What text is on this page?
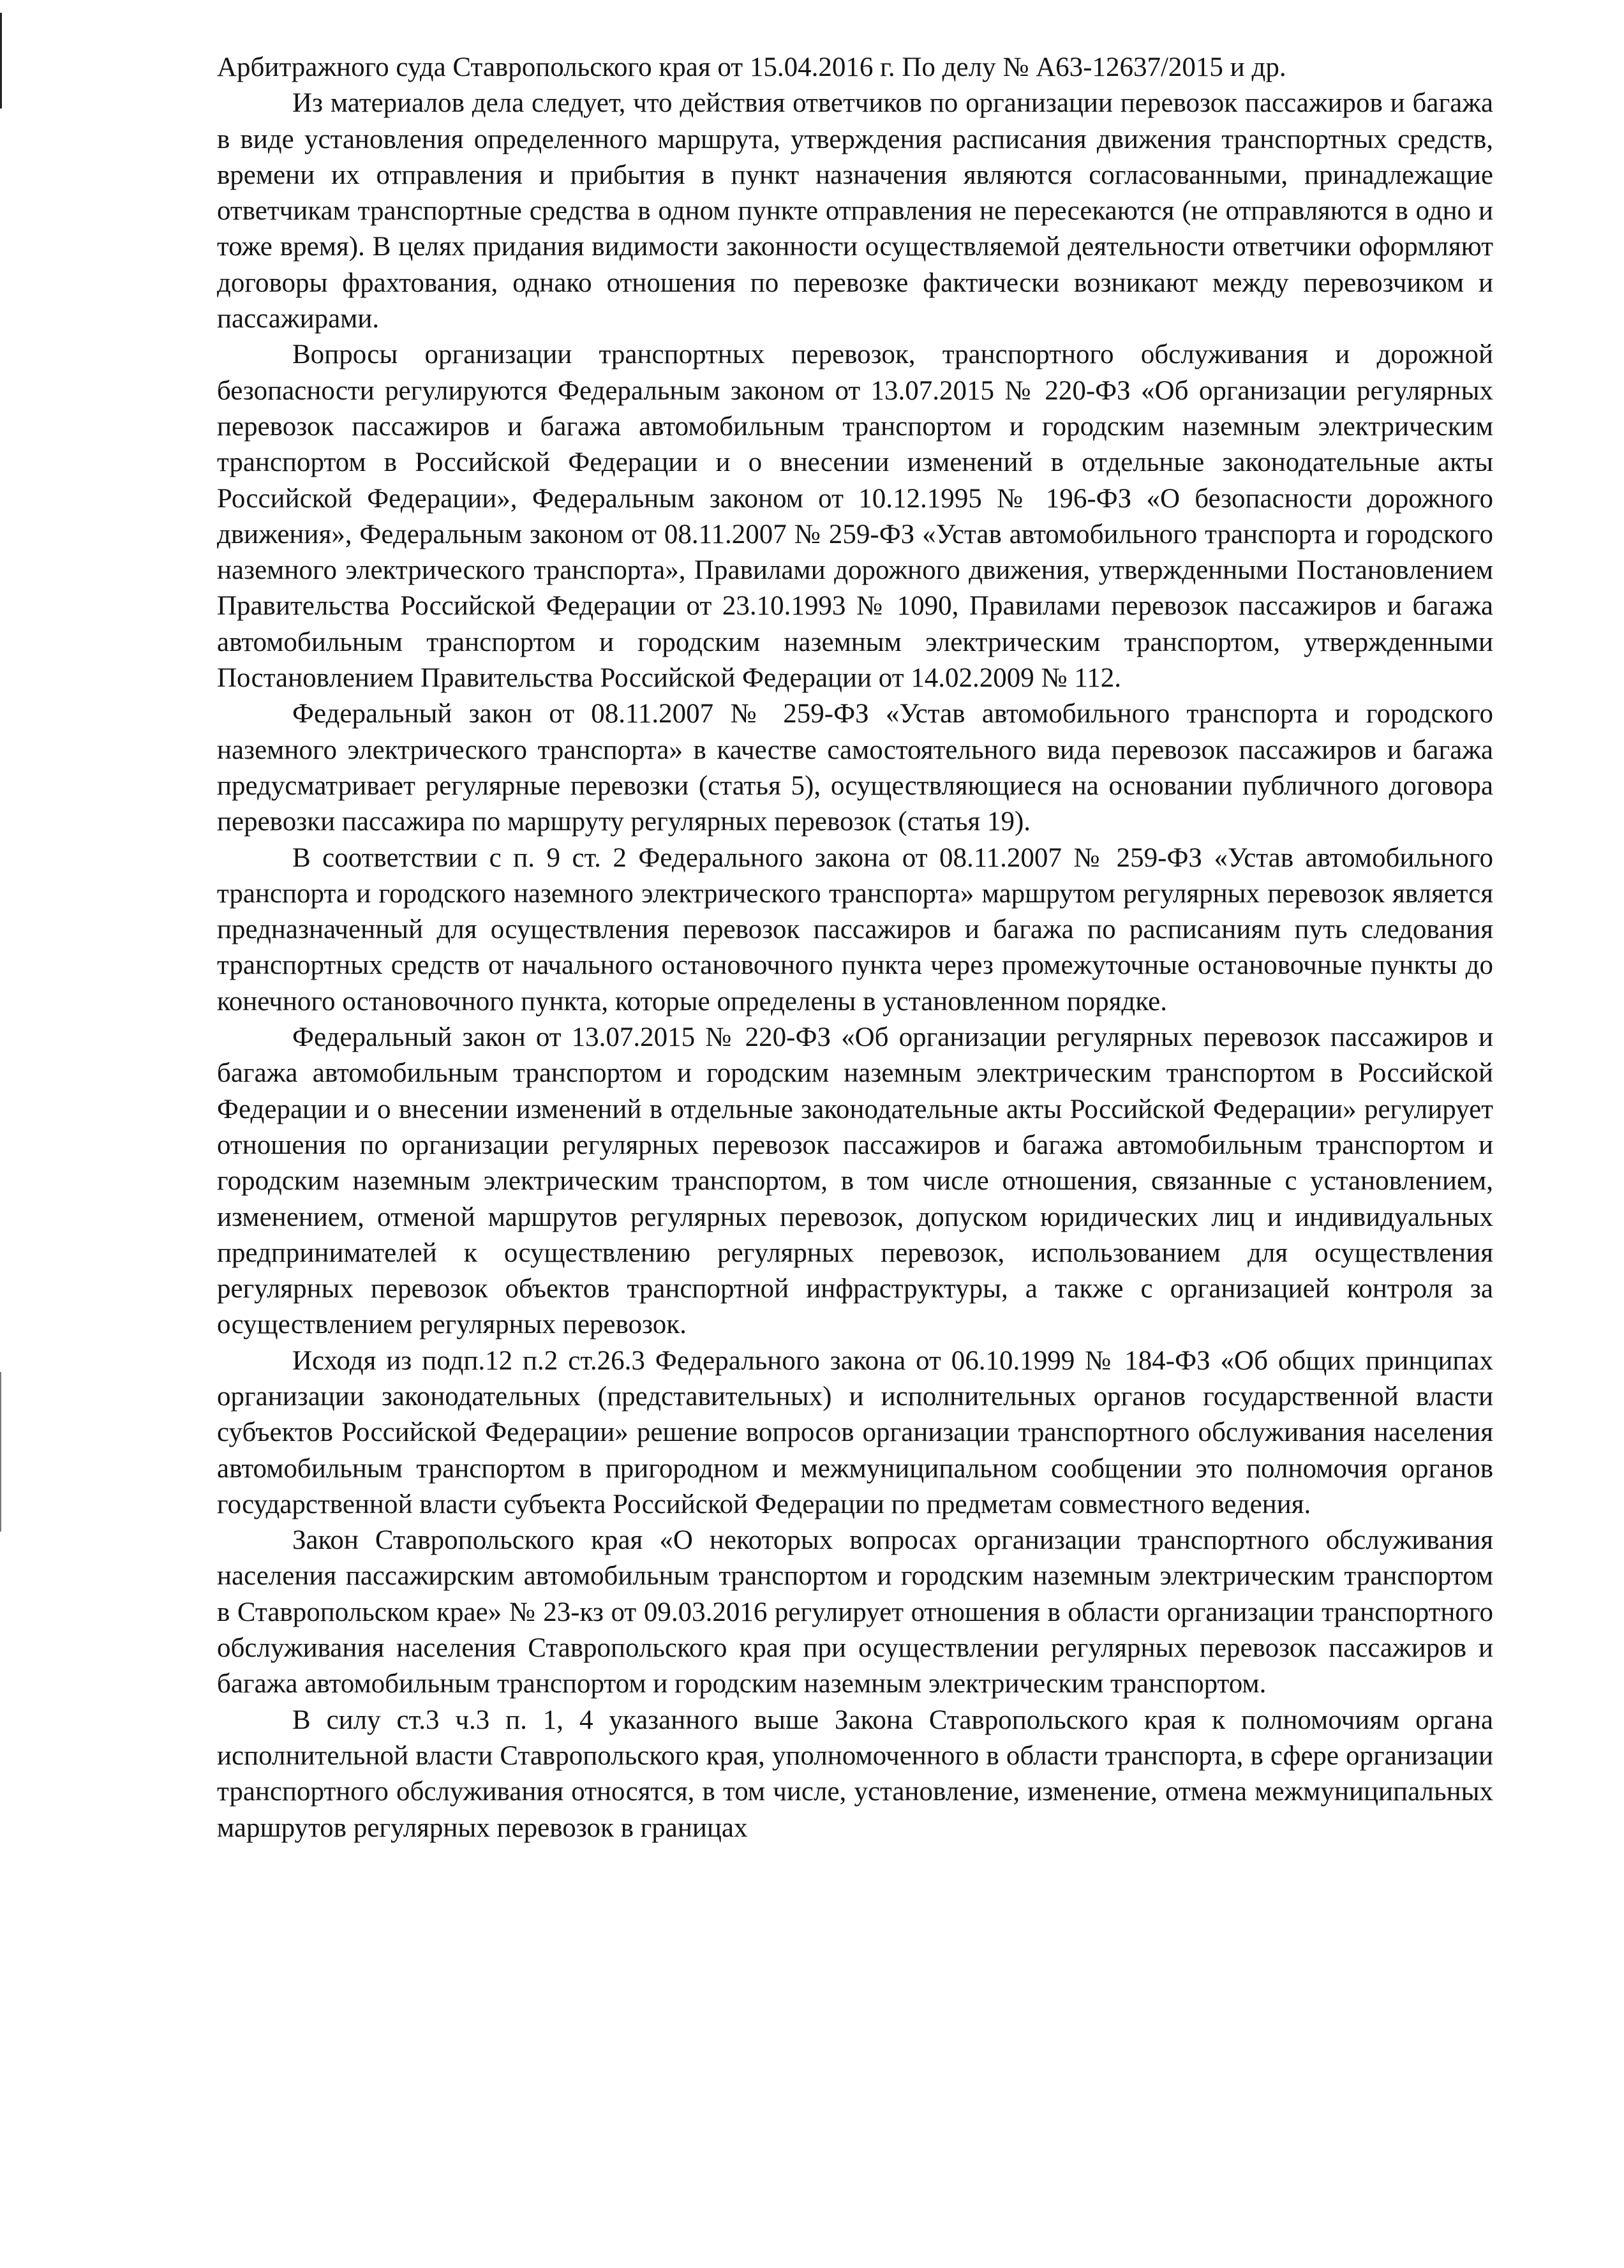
Арбитражного суда Ставропольского края от 15.04.2016 г. По делу № А63-12637/2015 и др.

Из материалов дела следует, что действия ответчиков по организации перевозок пассажиров и багажа в виде установления определенного маршрута, утверждения расписания движения транспортных средств, времени их отправления и прибытия в пункт назначения являются согласованными, принадлежащие ответчикам транспортные средства в одном пункте отправления не пересекаются (не отправляются в одно и тоже время). В целях придания видимости законности осуществляемой деятельности ответчики оформляют договоры фрахтования, однако отношения по перевозке фактически возникают между перевозчиком и пассажирами.

Вопросы организации транспортных перевозок, транспортного обслуживания и дорожной безопасности регулируются Федеральным законом от 13.07.2015 № 220-ФЗ «Об организации регулярных перевозок пассажиров и багажа автомобильным транспортом и городским наземным электрическим транспортом в Российской Федерации и о внесении изменений в отдельные законодательные акты Российской Федерации», Федеральным законом от 10.12.1995 № 196-ФЗ «О безопасности дорожного движения», Федеральным законом от 08.11.2007 № 259-ФЗ «Устав автомобильного транспорта и городского наземного электрического транспорта», Правилами дорожного движения, утвержденными Постановлением Правительства Российской Федерации от 23.10.1993 № 1090, Правилами перевозок пассажиров и багажа автомобильным транспортом и городским наземным электрическим транспортом, утвержденными Постановлением Правительства Российской Федерации от 14.02.2009 № 112.

Федеральный закон от 08.11.2007 № 259-ФЗ «Устав автомобильного транспорта и городского наземного электрического транспорта» в качестве самостоятельного вида перевозок пассажиров и багажа предусматривает регулярные перевозки (статья 5), осуществляющиеся на основании публичного договора перевозки пассажира по маршруту регулярных перевозок (статья 19).

В соответствии с п. 9 ст. 2 Федерального закона от 08.11.2007 № 259-ФЗ «Устав автомобильного транспорта и городского наземного электрического транспорта» маршрутом регулярных перевозок является предназначенный для осуществления перевозок пассажиров и багажа по расписаниям путь следования транспортных средств от начального остановочного пункта через промежуточные остановочные пункты до конечного остановочного пункта, которые определены в установленном порядке.

Федеральный закон от 13.07.2015 № 220-ФЗ «Об организации регулярных перевозок пассажиров и багажа автомобильным транспортом и городским наземным электрическим транспортом в Российской Федерации и о внесении изменений в отдельные законодательные акты Российской Федерации» регулирует отношения по организации регулярных перевозок пассажиров и багажа автомобильным транспортом и городским наземным электрическим транспортом, в том числе отношения, связанные с установлением, изменением, отменой маршрутов регулярных перевозок, допуском юридических лиц и индивидуальных предпринимателей к осуществлению регулярных перевозок, использованием для осуществления регулярных перевозок объектов транспортной инфраструктуры, а также с организацией контроля за осуществлением регулярных перевозок.

Исходя из подп.12 п.2 ст.26.3 Федерального закона от 06.10.1999 № 184-ФЗ «Об общих принципах организации законодательных (представительных) и исполнительных органов государственной власти субъектов Российской Федерации» решение вопросов организации транспортного обслуживания населения автомобильным транспортом в пригородном и межмуниципальном сообщении это полномочия органов государственной власти субъекта Российской Федерации по предметам совместного ведения.

Закон Ставропольского края «О некоторых вопросах организации транспортного обслуживания населения пассажирским автомобильным транспортом и городским наземным электрическим транспортом в Ставропольском крае» № 23-кз от 09.03.2016 регулирует отношения в области организации транспортного обслуживания населения Ставропольского края при осуществлении регулярных перевозок пассажиров и багажа автомобильным транспортом и городским наземным электрическим транспортом.

В силу ст.3 ч.3 п. 1, 4 указанного выше Закона Ставропольского края к полномочиям органа исполнительной власти Ставропольского края, уполномоченного в области транспорта, в сфере организации транспортного обслуживания относятся, в том числе, установление, изменение, отмена межмуниципальных маршрутов регулярных перевозок в границах
